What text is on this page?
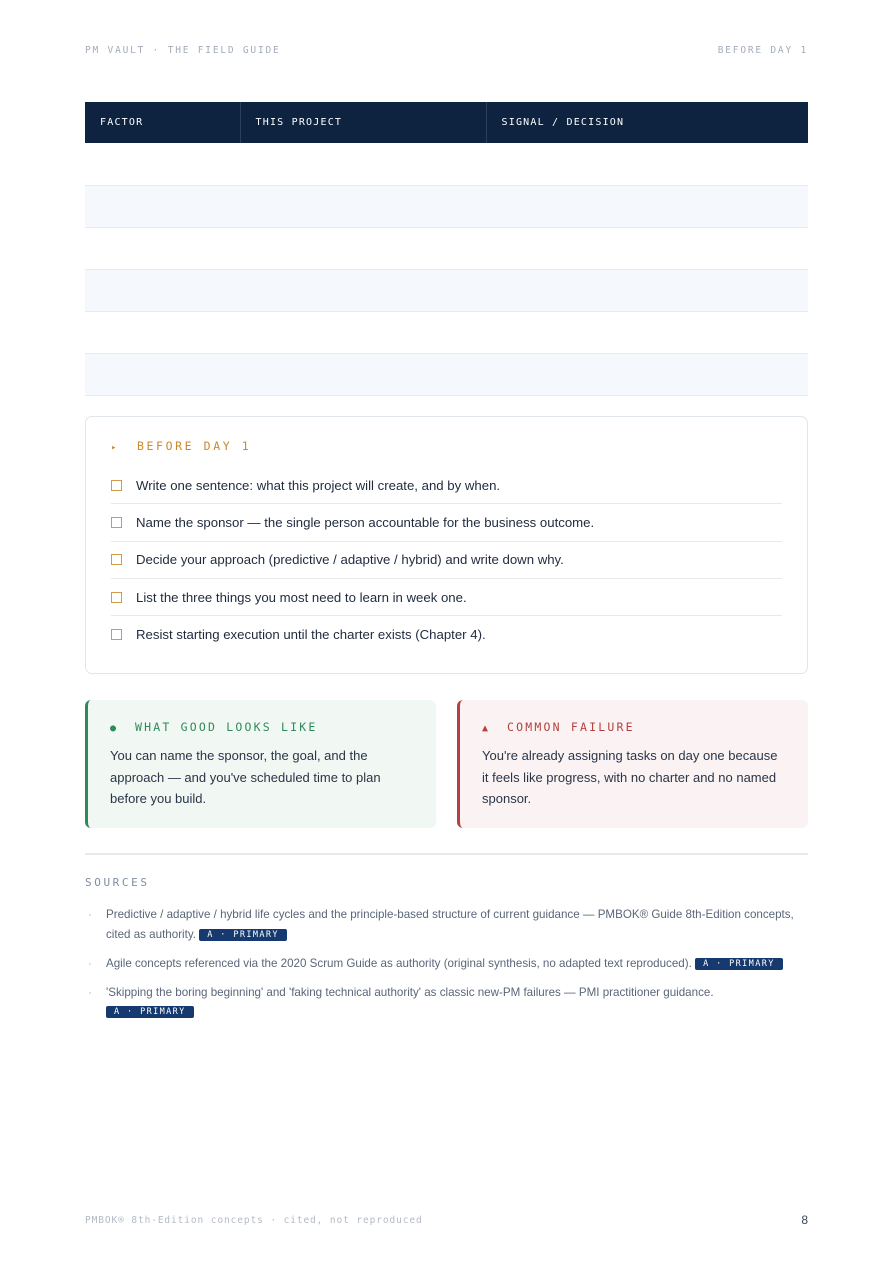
PM VAULT · THE FIELD GUIDE	BEFORE DAY 1
FACTOR	THIS PROJECT	SIGNAL / DECISION

▸ BEFORE DAY 1
Write one sentence: what this project will create, and by when.
Name the sponsor — the single person accountable for the business outcome.
Decide your approach (predictive / adaptive / hybrid) and write down why.
List the three things you most need to learn in week one.
Resist starting execution until the charter exists (Chapter 4).
● WHAT GOOD LOOKS LIKE

You can name the sponsor, the goal, and the approach — and you've scheduled time to plan before you build.

▲ COMMON FAILURE

You're already assigning tasks on day one because it feels like progress, with no charter and no named sponsor.

SOURCES
· Predictive / adaptive / hybrid life cycles and the principle-based structure of current guidance — PMBOK® Guide 8th-Edition concepts, cited as authority. A · PRIMARY
· Agile concepts referenced via the 2020 Scrum Guide as authority (original synthesis, no adapted text reproduced). A · PRIMARY
· 'Skipping the boring beginning' and 'faking technical authority' as classic new-PM failures — PMI practitioner guidance.
A · PRIMARY
PMBOK® 8th-Edition concepts · cited, not reproduced	8
